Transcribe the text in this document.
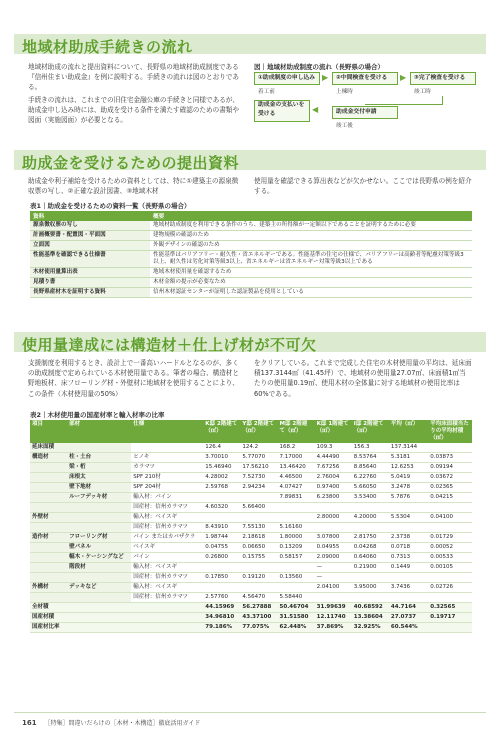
地域材助成手続きの流れ
地域材助成の流れと提出資料について、長野県の地域材助成制度である『信州住まい助成金』を例に説明する。手続きの流れは図のとおりである。
手続きの流れは、これまでの旧住宅金融公庫の手続きと同様であるが、助成金申し込み時には、助成を受ける条件を満たす確認のための書類や図面（実施図面）が必要となる。
図｜地域材助成制度の流れ（長野県の場合）
①助成制度の申し込み
着工前
▶	②中間検査を受ける
上棟時
▶	③完了検査を受ける
竣工時
助成金の支払いを受ける	◀	助成金交付申請
竣工後
助成金を受けるための提出資料
助成金や利子補給を受けるための資料としては、特に①建築主の源泉徴収票の写し、②正確な設計図書、③地域木材
使用量を確認できる算出表などが欠かせない。ここでは長野県の例を紹介する。
表1｜助成金を受けるための資料一覧（長野県の場合）
資料	概要
源泉徴収票の写し	地域材助成制度を利用できる条件のうち、建築主の所得額が一定額以下であることを証明するために必要
計画概要書・配置図・平面図	建物規模の確認のため
立面図	外観デザインの確認のため
性能基準を確認できる仕様書	性能基準はバリアフリー・耐久性・省エネルギーである。性能基準の住宅の仕様で、バリアフリーは高齢者等配慮対策等級3以上、耐久性は劣化対策等級3以上、省エネルギーは省エネルギー対策等級3以上である
木材使用量算出表	地域木材使用量を確認するため
見積り書	木材金額の提示が必要なため
長野県産材木を証明する資料	信州木材認証センターが証明した認証製品を使用としている
使用量達成には構造材＋仕上げ材が不可欠
支援制度を利用するとき、設計上で一番高いハードルとなるのが、多くの助成制度で定められている木材使用量である。筆者の場合、構造材と野地板材、床フローリング材・外壁材に地域材を使用することにより、この条件（木材使用量の50%）
をクリアしている。これまで完成した住宅の木材使用量の平均は、延床面積137.3144㎡（41.45坪）で、地域材の使用量27.07㎥、床面積1㎡当たりの使用量0.19㎥、使用木材の全体量に対する地域材の使用比率は60%である。
表2｜木材使用量の国産材率と輸入材率の比率
項目	部材	仕様	K邸 2階建て（㎥）	Y邸 2階建て（㎥）	M邸 2階建て（㎥）	K邸 1階建て（㎥）	I邸 2階建て（㎥）	平均（㎥）	平均床面積当たりの平均材積（㎥）
延床面積			126.4	124.2	168.2	109.3	156.3	137.3144	
構造材	柱・土台	ヒノキ	3.70010	5.77070	7.17000	4.44490	8.53764	5.3181	0.03873
	梁・桁	カラマツ	15.46940	17.56210	13.46420	7.67256	8.85640	12.6253	0.09194
	床根太	SPF 210材	4.28002	7.52730	4.46500	2.76004	6.22760	5.0419	0.03672
	壁下地材	SPF 204材	2.59768	2.94234	4.07427	0.97400	5.66050	3.2478	0.02365
	ルーフデッキ材	輸入材：パイン			7.89831	6.23800	3.53400	5.7876	0.04215
		国産材：信州カラマツ	4.60320	5.66400					
外壁材		輸入材：ベイスギ				2.80000	4.20000	5.5304	0.04100
		国産材：信州カラマツ	8.43910	7.55130	5.16160				
造作材	フローリング材	パイン またはカバザクラ	1.98744	2.18618	1.80000	3.07800	2.81750	2.3738	0.01729
	壁パネル	ベイスギ	0.04755	0.06650	0.13209	0.04955	0.04268	0.0718	0.00052
	幅木・ケーシングなど	パイン	0.26800	0.15755	0.58157	2.09000	0.64060	0.7313	0.00533
	階段材	輸入材：ベイスギ				—	0.21900	0.1449	0.00105
		国産材：信州カラマツ	0.17850	0.19120	0.13560	—			
外構材	デッキなど	輸入材：ベイスギ				2.04100	3.95000	3.7436	0.02726
		国産材：信州カラマツ	2.57760	4.56470	5.58440				
全材積			44.15969	56.27888	50.46704	31.99639	40.68592	44.7164	0.32565
国産材積			34.96810	43.37100	31.51580	12.11740	13.38604	27.0737	0.19717
国産材比率			79.186%	77.075%	62.448%	37.869%	32.925%	60.544%	
161 ［特集］間違いだらけの［木材・木構造］徹底活用ガイド
